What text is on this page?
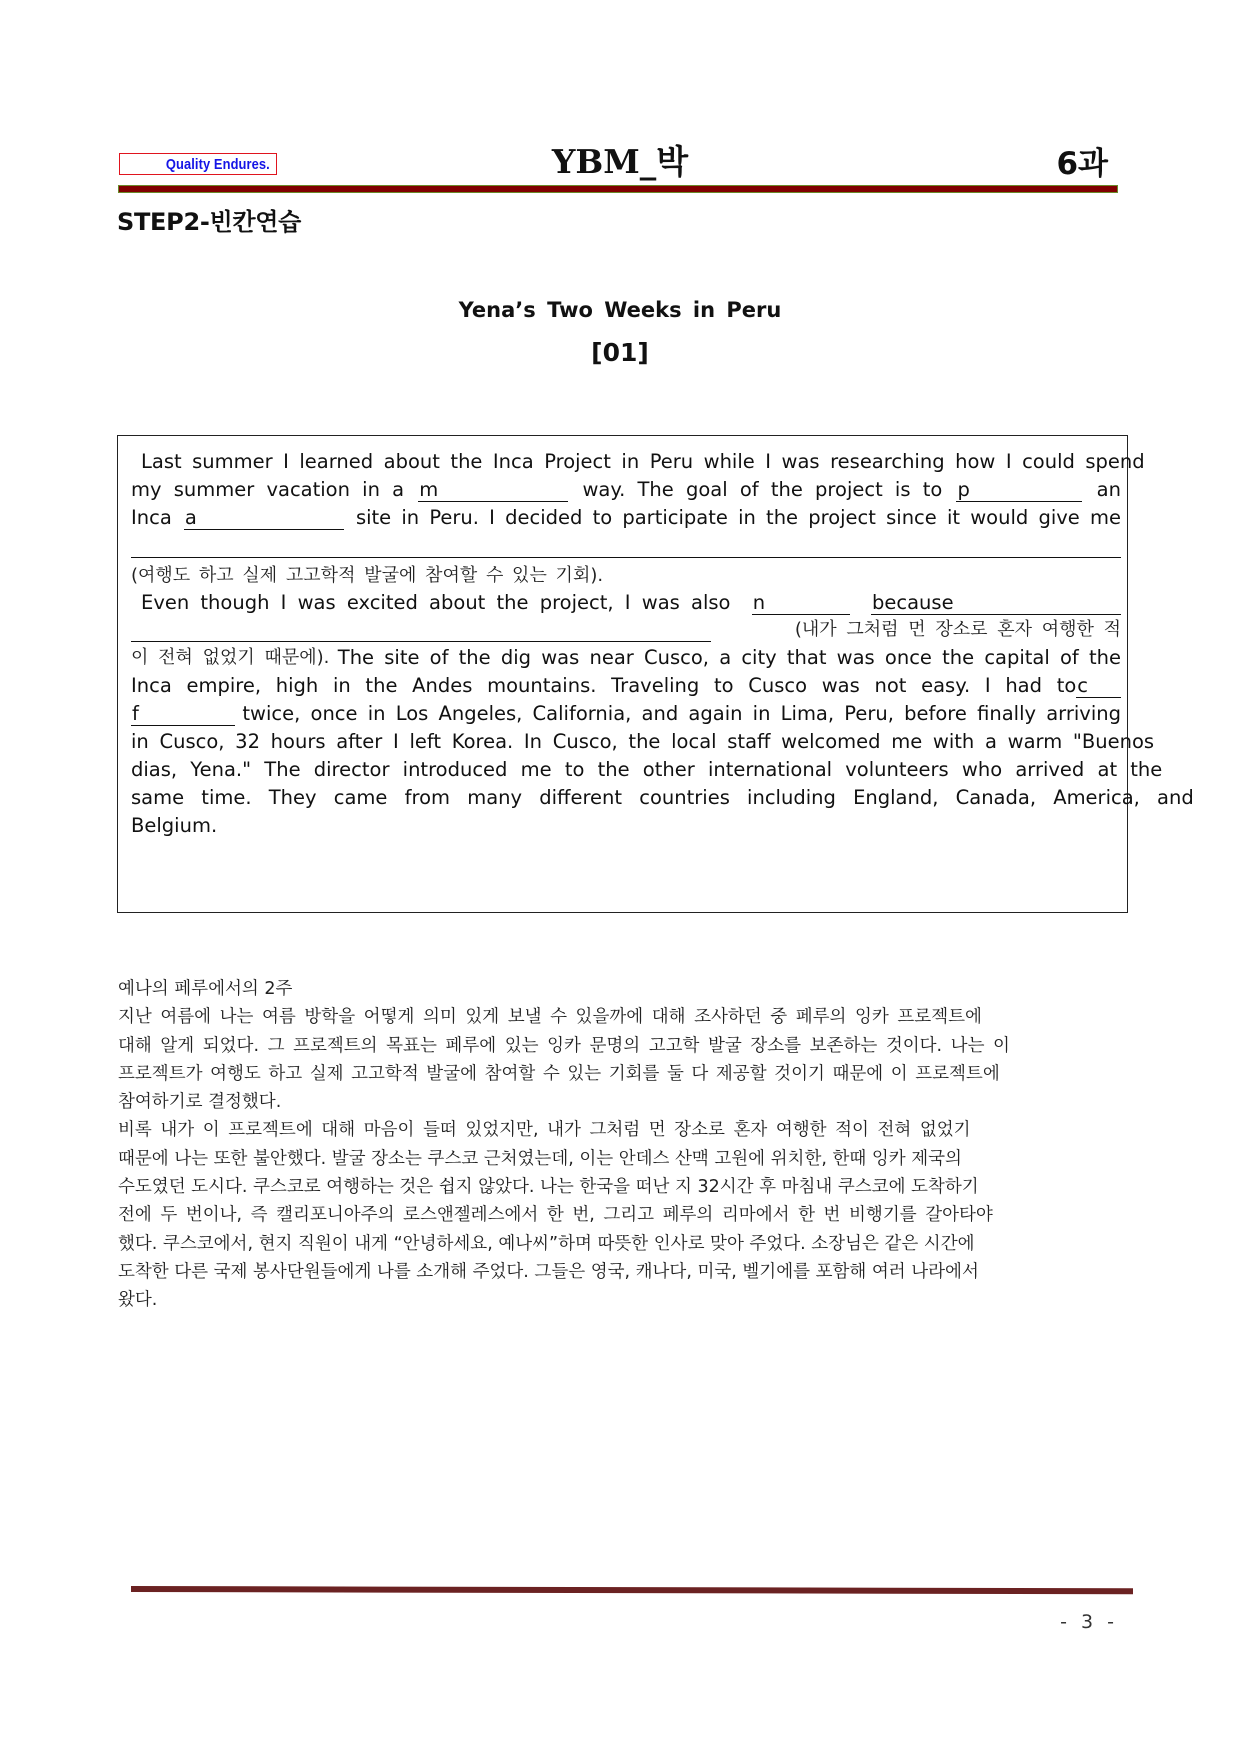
Quality Endures.	YBM_박	6과
STEP2-빈칸연습
Yena’s Two Weeks in Peru
[01]
Last summer I learned about the Inca Project in Peru while I was researching how I could spend
my summer vacation in a m	way. The goal of the project is to p	an
Inca a	site in Peru. I decided to participate in the project since it would give me
(여행도 하고 실제 고고학적 발굴에 참여할 수 있는 기회).
Even though I was excited about the project, I was also n	because
(내가 그처럼 먼 장소로 혼자 여행한 적
이 전혀 없었기 때문에). The site of the dig was near Cusco, a city that was once the capital of the
Inca empire, high in the Andes mountains. Traveling to Cusco was not easy. I had to c
f	twice, once in Los Angeles, California, and again in Lima, Peru, before finally arriving
in Cusco, 32 hours after I left Korea. In Cusco, the local staff welcomed me with a warm "Buenos
dias, Yena." The director introduced me to the other international volunteers who arrived at the
same time. They came from many different countries including England, Canada, America, and
Belgium.

예나의 페루에서의 2주

지난 여름에 나는 여름 방학을 어떻게 의미 있게 보낼 수 있을까에 대해 조사하던 중 페루의 잉카 프로젝트에

대해 알게 되었다. 그 프로젝트의 목표는 페루에 있는 잉카 문명의 고고학 발굴 장소를 보존하는 것이다. 나는 이

프로젝트가 여행도 하고 실제 고고학적 발굴에 참여할 수 있는 기회를 둘 다 제공할 것이기 때문에 이 프로젝트에

참여하기로 결정했다.

비록 내가 이 프로젝트에 대해 마음이 들떠 있었지만, 내가 그처럼 먼 장소로 혼자 여행한 적이 전혀 없었기

때문에 나는 또한 불안했다. 발굴 장소는 쿠스코 근처였는데, 이는 안데스 산맥 고원에 위치한, 한때 잉카 제국의

수도였던 도시다. 쿠스코로 여행하는 것은 쉽지 않았다. 나는 한국을 떠난 지 32시간 후 마침내 쿠스코에 도착하기

전에 두 번이나, 즉 캘리포니아주의 로스앤젤레스에서 한 번, 그리고 페루의 리마에서 한 번 비행기를 갈아타야

했다. 쿠스코에서, 현지 직원이 내게 “안녕하세요, 예나씨”하며 따뜻한 인사로 맞아 주었다. 소장님은 같은 시간에

도착한 다른 국제 봉사단원들에게 나를 소개해 주었다. 그들은 영국, 캐나다, 미국, 벨기에를 포함해 여러 나라에서

왔다.

- 3 -
